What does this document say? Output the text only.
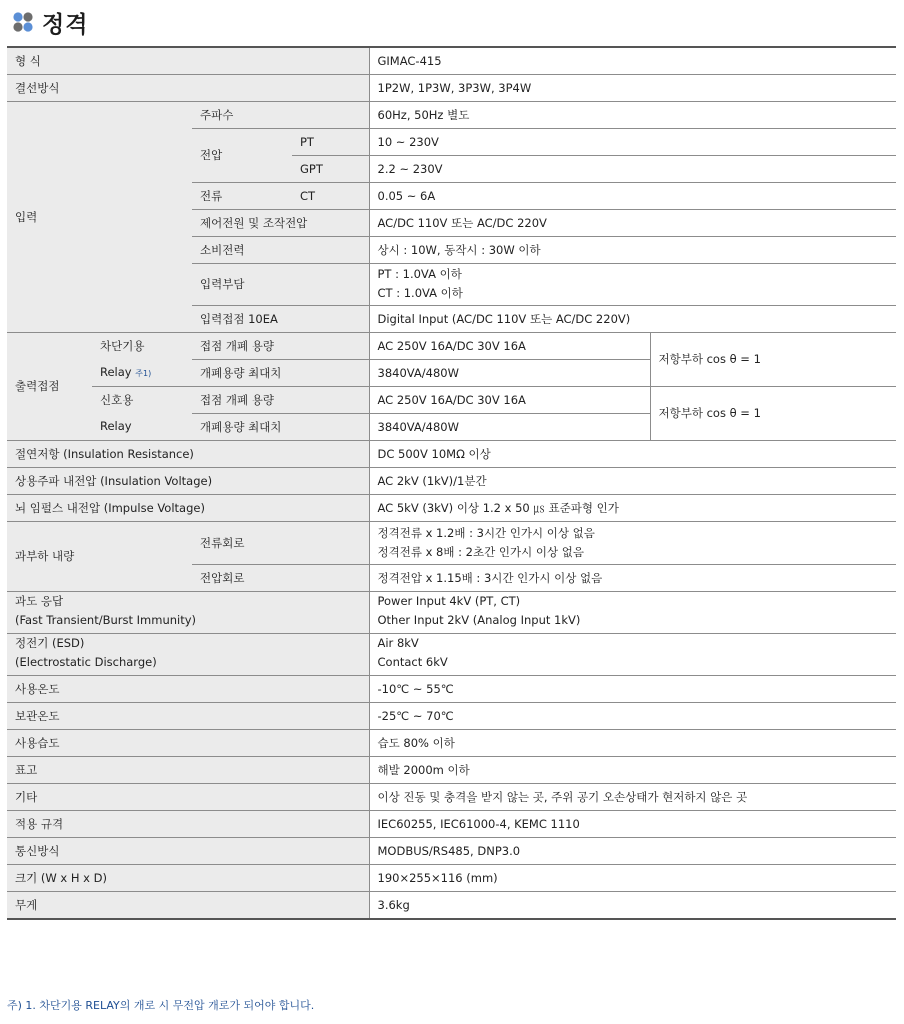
정격
형 식				GIMAC-415	
결선방식				1P2W, 1P3W, 3P3W, 3P4W	
입력		주파수		60Hz, 50Hz 별도	
		전압	PT	10 ~ 230V	
			GPT	2.2 ~ 230V	
		전류	CT	0.05 ~ 6A	
		제어전원 및 조작전압		AC/DC 110V 또는 AC/DC 220V	
		소비전력		상시 : 10W, 동작시 : 30W 이하	
		입력부담		PT : 1.0VA 이하	
				CT : 1.0VA 이하	
		입력접점 10EA		Digital Input (AC/DC 110V 또는 AC/DC 220V)	
출력접점	차단기용	접점 개폐 용량		AC 250V 16A/DC 30V 16A	저항부하 cos θ = 1
	Relay 주1)	개폐용량 최대치		3840VA/480W	
	신호용	접점 개폐 용량		AC 250V 16A/DC 30V 16A	저항부하 cos θ = 1
	Relay	개폐용량 최대치		3840VA/480W	
절연저항 (Insulation Resistance)				DC 500V 10MΩ 이상	
상용주파 내전압 (Insulation Voltage)				AC 2kV (1kV)/1분간	
뇌 임펄스 내전압 (Impulse Voltage)				AC 5kV (3kV) 이상 1.2 x 50 ㎲ 표준파형 인가	
과부하 내량		전류회로		정격전류 x 1.2배 : 3시간 인가시 이상 없음	
				정격전류 x 8배 : 2초간 인가시 이상 없음	
		전압회로		정격전압 x 1.15배 : 3시간 인가시 이상 없음	
과도 응답				Power Input 4kV (PT, CT)	
(Fast Transient/Burst Immunity)				Other Input 2kV (Analog Input 1kV)	
정전기 (ESD)				Air 8kV	
(Electrostatic Discharge)				Contact 6kV	
사용온도				-10℃ ~ 55℃	
보관온도				-25℃ ~ 70℃	
사용습도				습도 80% 이하	
표고				해발 2000m 이하	
기타				이상 진동 및 충격을 받지 않는 곳, 주위 공기 오손상태가 현저하지 않은 곳	
적용 규격				IEC60255, IEC61000-4, KEMC 1110	
통신방식				MODBUS/RS485, DNP3.0	
크기 (W x H x D)				190×255×116 (mm)	
무게				3.6kg	
주) 1. 차단기용 RELAY의 개로 시 무전압 개로가 되어야 합니다.
